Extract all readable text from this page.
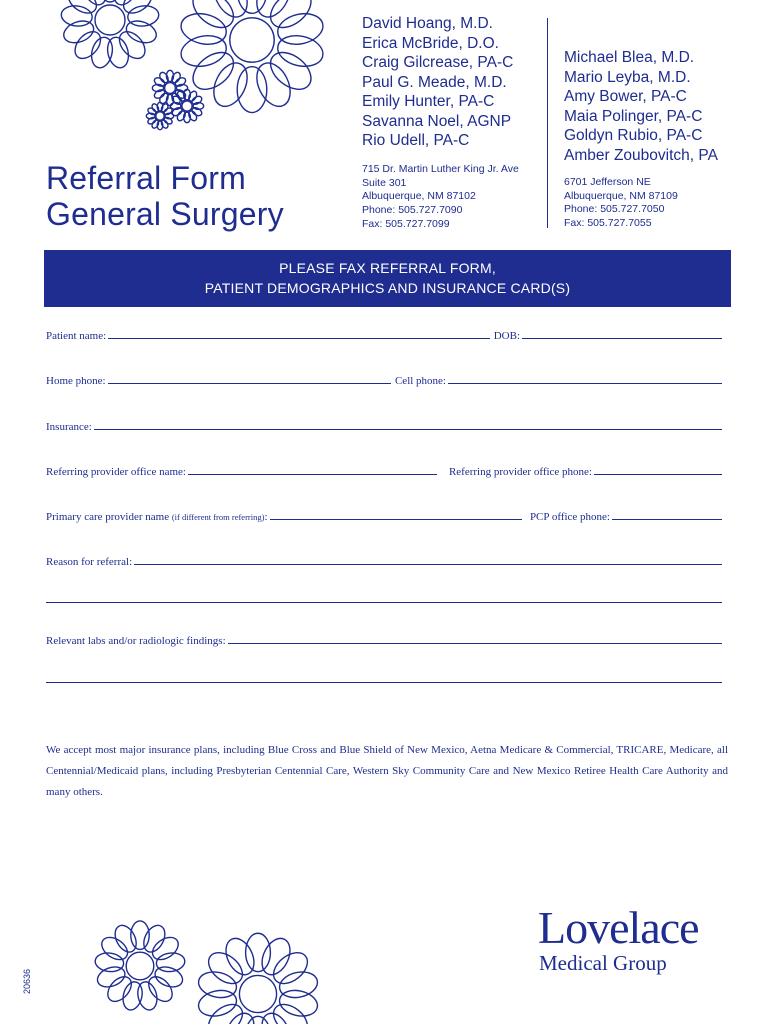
Referral Form
General Surgery
David Hoang, M.D.
Erica McBride, D.O.
Craig Gilcrease, PA-C
Paul G. Meade, M.D.
Emily Hunter, PA-C
Savanna Noel, AGNP
Rio Udell, PA-C
Michael Blea, M.D.
Mario Leyba, M.D.
Amy Bower, PA-C
Maia Polinger, PA-C
Goldyn Rubio, PA-C
Amber Zoubovitch, PA
715 Dr. Martin Luther King Jr. Ave
Suite 301
Albuquerque, NM 87102
Phone: 505.727.7090
Fax: 505.727.7099
6701 Jefferson NE
Albuquerque, NM 87109
Phone: 505.727.7050
Fax: 505.727.7055
PLEASE FAX REFERRAL FORM,
PATIENT DEMOGRAPHICS AND INSURANCE CARD(S)
Patient name:	DOB:
Home phone:	Cell phone:
Insurance:
Referring provider office name:	Referring provider office phone:
Primary care provider name (if different from referring):	PCP office phone:
Reason for referral:
Relevant labs and/or radiologic findings:
We accept most major insurance plans, including Blue Cross and Blue Shield of New Mexico, Aetna Medicare & Commercial, TRICARE, Medicare, all Centennial/Medicaid plans, including Presbyterian Centennial Care, Western Sky Community Care and New Mexico Retiree Health Care Authority and many others.
20636
Lovelace
Medical Group
